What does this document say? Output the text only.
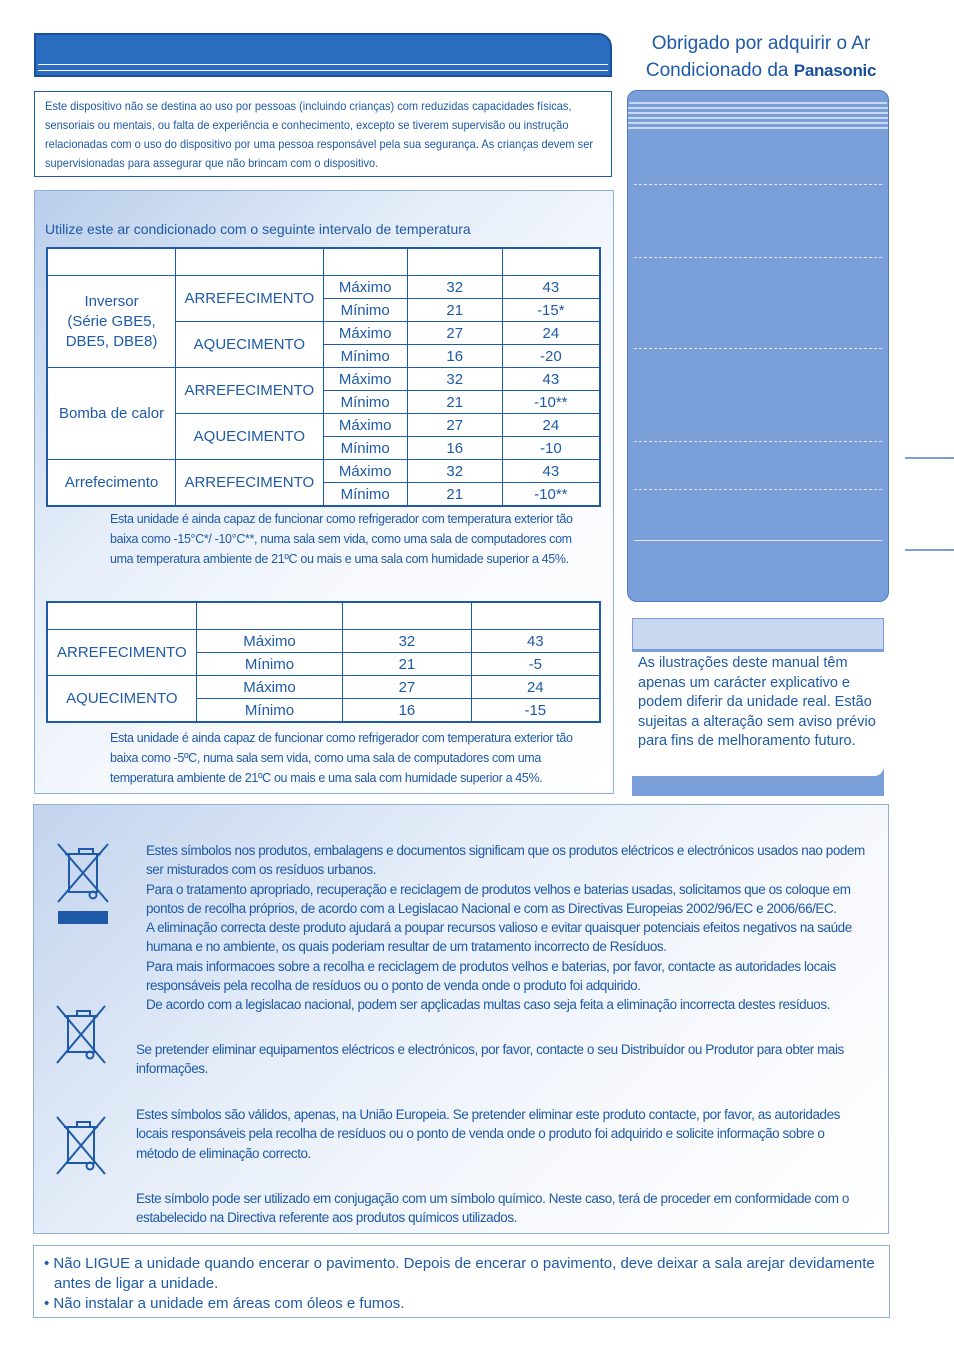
Obrigado por adquirir o Ar
Condicionado da Panasonic
Este dispositivo não se destina ao uso por pessoas (incluindo crianças) com reduzidas capacidades físicas, sensoriais ou mentais, ou falta de experiência e conhecimento, excepto se tiverem supervisão ou instrução relacionadas com o uso do dispositivo por uma pessoa responsável pela sua segurança. As crianças devem ser supervisionadas para assegurar que não brincam com o dispositivo.
Utilize este ar condicionado com o seguinte intervalo de temperatura

Inversor
(Série GBE5,
DBE5, DBE8)	ARREFECIMENTO	Máximo	32	43
		Mínimo	21	-15*
	AQUECIMENTO	Máximo	27	24
		Mínimo	16	-20
Bomba de calor	ARREFECIMENTO	Máximo	32	43
		Mínimo	21	-10**
	AQUECIMENTO	Máximo	27	24
		Mínimo	16	-10
Arrefecimento	ARREFECIMENTO	Máximo	32	43
		Mínimo	21	-10**
Esta unidade é ainda capaz de funcionar como refrigerador com temperatura exterior tão baixa como -15°C*/ -10°C**, numa sala sem vida, como uma sala de computadores com uma temperatura ambiente de 21ºC ou mais e uma sala com humidade superior a 45%.

ARREFECIMENTO	Máximo	32	43
	Mínimo	21	-5
AQUECIMENTO	Máximo	27	24
	Mínimo	16	-15
Esta unidade é ainda capaz de funcionar como refrigerador com temperatura exterior tão baixa como -5ºC, numa sala sem vida, como uma sala de computadores com uma temperatura ambiente de 21ºC ou mais e uma sala com humidade superior a 45%.
As ilustrações deste manual têm apenas um carácter explicativo e podem diferir da unidade real. Estão sujeitas a alteração sem aviso prévio para fins de melhoramento futuro.
Estes símbolos nos produtos, embalagens e documentos significam que os produtos eléctricos e electrónicos usados nao podem ser misturados com os resíduos urbanos.
Para o tratamento apropriado, recuperação e reciclagem de produtos velhos e baterias usadas, solicitamos que os coloque em pontos de recolha próprios, de acordo com a Legislacao Nacional e com as Directivas Europeias 2002/96/EC e 2006/66/EC.
A eliminação correcta deste produto ajudará a poupar recursos valioso e evitar quaisquer potenciais efeitos negativos na saúde humana e no ambiente, os quais poderiam resultar de um tratamento incorrecto de Resíduos.
Para mais informacoes sobre a recolha e reciclagem de produtos velhos e baterias, por favor, contacte as autoridades locais responsáveis pela recolha de resíduos ou o ponto de venda onde o produto foi adquirido.
De acordo com a legislacao nacional, podem ser apçlicadas multas caso seja feita a eliminação incorrecta destes resíduos.
Se pretender eliminar equipamentos eléctricos e electrónicos, por favor, contacte o seu Distribuídor ou Produtor para obter mais informações.
Estes símbolos são válidos, apenas, na União Europeia. Se pretender eliminar este produto contacte, por favor, as autoridades locais responsáveis pela recolha de resíduos ou o ponto de venda onde o produto foi adquirido e solicite informação sobre o método de eliminação correcto.
Este símbolo pode ser utilizado em conjugação com um símbolo químico. Neste caso, terá de proceder em conformidade com o estabelecido na Directiva referente aos produtos químicos utilizados.
• Não LIGUE a unidade quando encerar o pavimento. Depois de encerar o pavimento, deve deixar a sala arejar devidamente antes de ligar a unidade.
• Não instalar a unidade em áreas com óleos e fumos.
